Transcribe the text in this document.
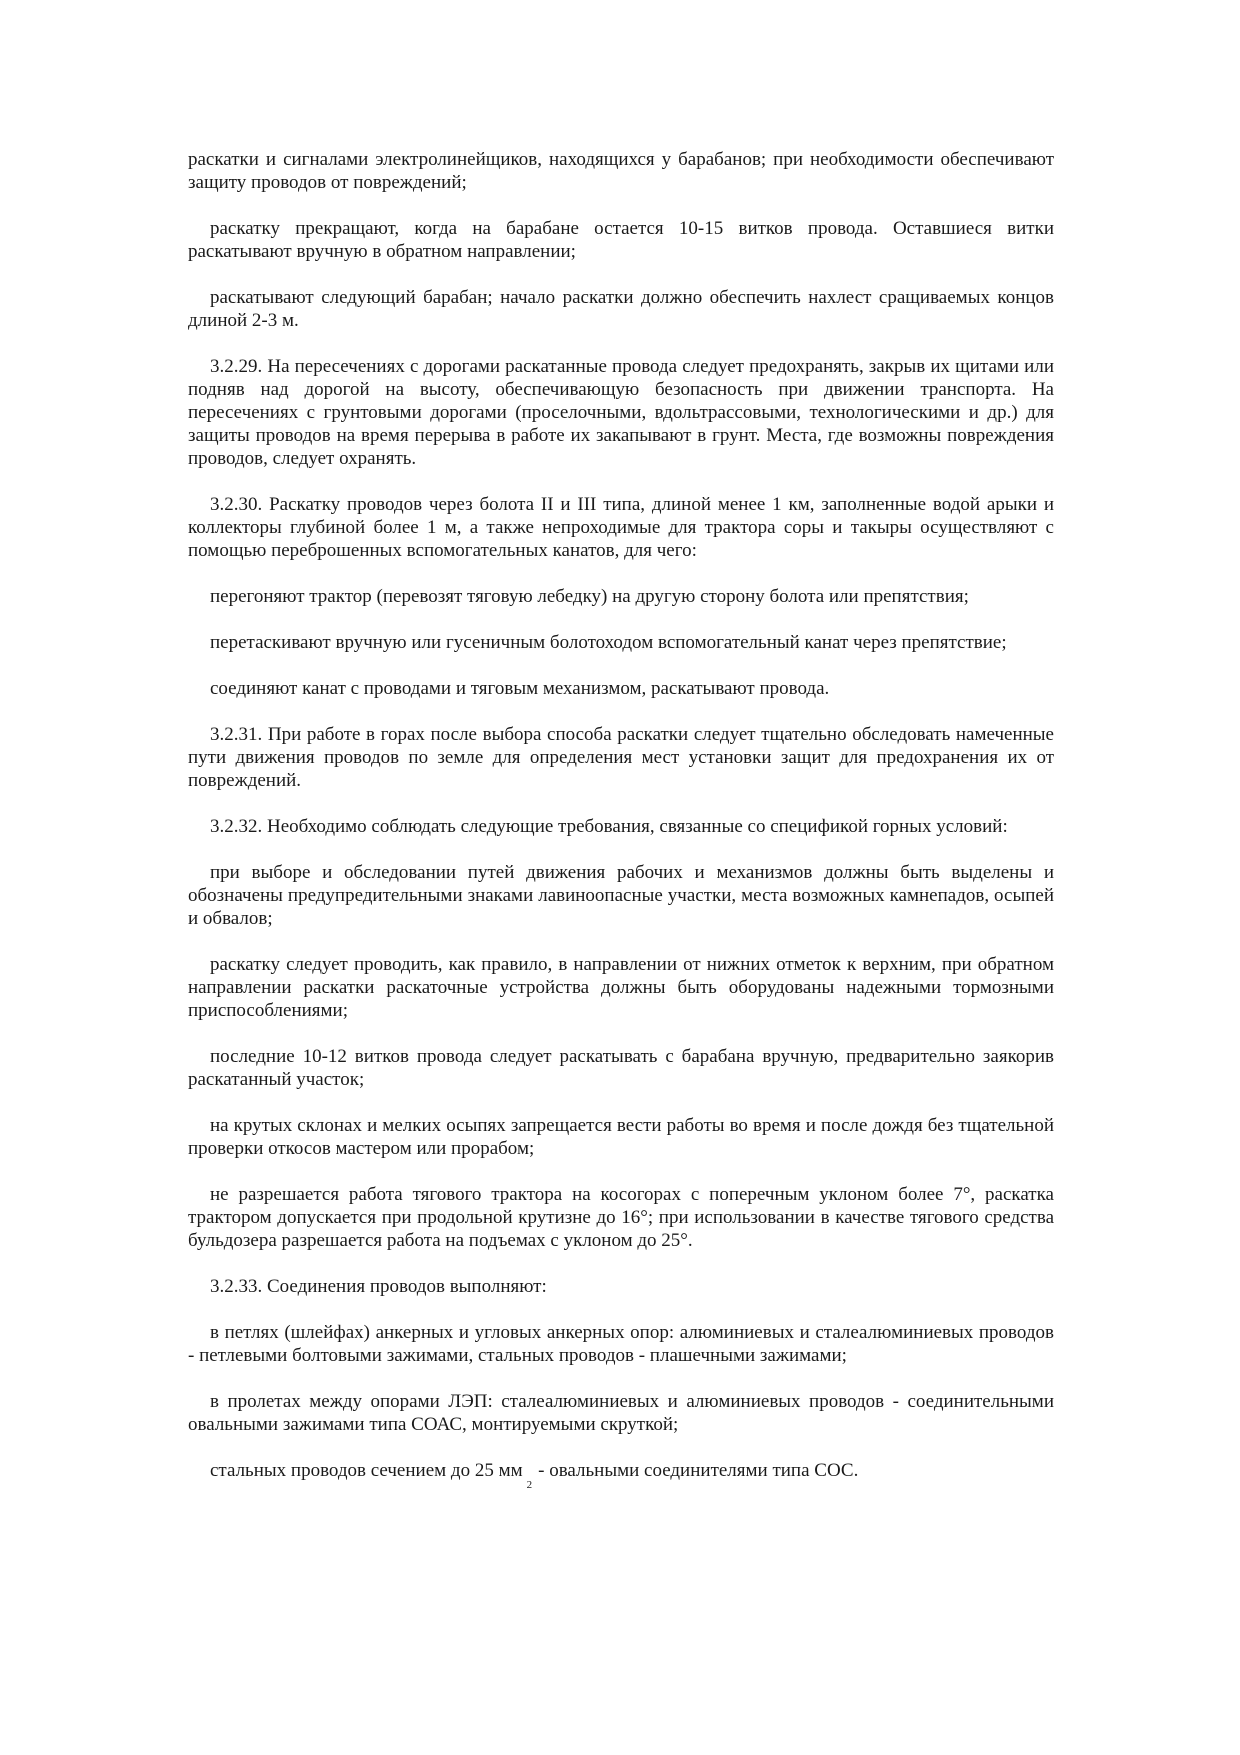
раскатки и сигналами электролинейщиков, находящихся у барабанов; при необходимости обеспечивают защиту проводов от повреждений;

раскатку прекращают, когда на барабане остается 10-15 витков провода. Оставшиеся витки раскатывают вручную в обратном направлении;

раскатывают следующий барабан; начало раскатки должно обеспечить нахлест сращиваемых концов длиной 2-3 м.

3.2.29. На пересечениях с дорогами раскатанные провода следует предохранять, закрыв их щитами или подняв над дорогой на высоту, обеспечивающую безопасность при движении транспорта. На пересечениях с грунтовыми дорогами (проселочными, вдольтрассовыми, технологическими и др.) для защиты проводов на время перерыва в работе их закапывают в грунт. Места, где возможны повреждения проводов, следует охранять.

3.2.30. Раскатку проводов через болота II и III типа, длиной менее 1 км, заполненные водой арыки и коллекторы глубиной более 1 м, а также непроходимые для трактора соры и такыры осуществляют с помощью переброшенных вспомогательных канатов, для чего:

перегоняют трактор (перевозят тяговую лебедку) на другую сторону болота или препятствия;

перетаскивают вручную или гусеничным болотоходом вспомогательный канат через препятствие;

соединяют канат с проводами и тяговым механизмом, раскатывают провода.

3.2.31. При работе в горах после выбора способа раскатки следует тщательно обследовать намеченные пути движения проводов по земле для определения мест установки защит для предохранения их от повреждений.

3.2.32. Необходимо соблюдать следующие требования, связанные со спецификой горных условий:

при выборе и обследовании путей движения рабочих и механизмов должны быть выделены и обозначены предупредительными знаками лавиноопасные участки, места возможных камнепадов, осыпей и обвалов;

раскатку следует проводить, как правило, в направлении от нижних отметок к верхним, при обратном направлении раскатки раскаточные устройства должны быть оборудованы надежными тормозными приспособлениями;

последние 10-12 витков провода следует раскатывать с барабана вручную, предварительно заякорив раскатанный участок;

на крутых склонах и мелких осыпях запрещается вести работы во время и после дождя без тщательной проверки откосов мастером или прорабом;

не разрешается работа тягового трактора на косогорах с поперечным уклоном более 7°, раскатка трактором допускается при продольной крутизне до 16°; при использовании в качестве тягового средства бульдозера разрешается работа на подъемах с уклоном до 25°.

3.2.33. Соединения проводов выполняют:

в петлях (шлейфах) анкерных и угловых анкерных опор: алюминиевых и сталеалюминиевых проводов - петлевыми болтовыми зажимами, стальных проводов - плашечными зажимами;

в пролетах между опорами ЛЭП: сталеалюминиевых и алюминиевых проводов - соединительными овальными зажимами типа СОАС, монтируемыми скруткой;

стальных проводов сечением до 25 $мм_2-$ овальными соединителями типа СОС.
